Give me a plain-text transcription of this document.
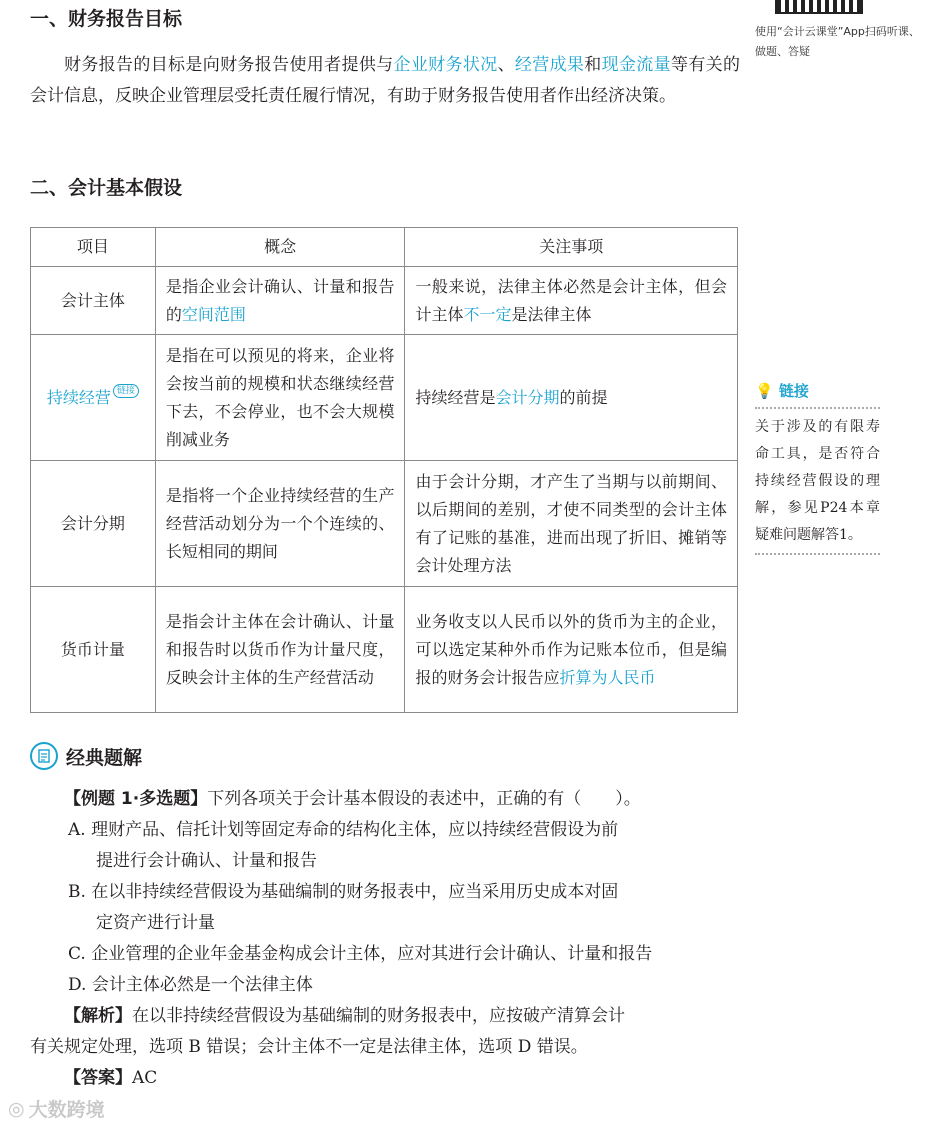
使用“会计云课堂”App扫码听课、做题、答疑
一、财务报告目标
财务报告的目标是向财务报告使用者提供与企业财务状况、经营成果和现金流量等有关的会计信息，反映企业管理层受托责任履行情况，有助于财务报告使用者作出经济决策。
二、会计基本假设
项目	概念	关注事项
会计主体	是指企业会计确认、计量和报告的空间范围	一般来说，法律主体必然是会计主体，但会计主体不一定是法律主体
持续经营 链接	是指在可以预见的将来，企业将会按当前的规模和状态继续经营下去，不会停业，也不会大规模削减业务	持续经营是会计分期的前提
会计分期	是指将一个企业持续经营的生产经营活动划分为一个个连续的、长短相同的期间	由于会计分期，才产生了当期与以前期间、以后期间的差别，才使不同类型的会计主体有了记账的基准，进而出现了折旧、摊销等会计处理方法
货币计量	是指会计主体在会计确认、计量和报告时以货币作为计量尺度，反映会计主体的生产经营活动	业务收支以人民币以外的货币为主的企业，可以选定某种外币作为记账本位币，但是编报的财务会计报告应折算为人民币
💡 链接
关于涉及的有限寿命工具，是否符合持续经营假设的理解，参见P24本章疑难问题解答1。
经典题解
【例题 1·多选题】下列各项关于会计基本假设的表述中，正确的有（　　）。
A. 理财产品、信托计划等固定寿命的结构化主体，应以持续经营假设为前
提进行会计确认、计量和报告
B. 在以非持续经营假设为基础编制的财务报表中，应当采用历史成本对固
定资产进行计量
C. 企业管理的企业年金基金构成会计主体，应对其进行会计确认、计量和报告
D. 会计主体必然是一个法律主体
【解析】在以非持续经营假设为基础编制的财务报表中，应按破产清算会计
有关规定处理，选项 B 错误；会计主体不一定是法律主体，选项 D 错误。
【答案】AC
◎ 大数跨境
